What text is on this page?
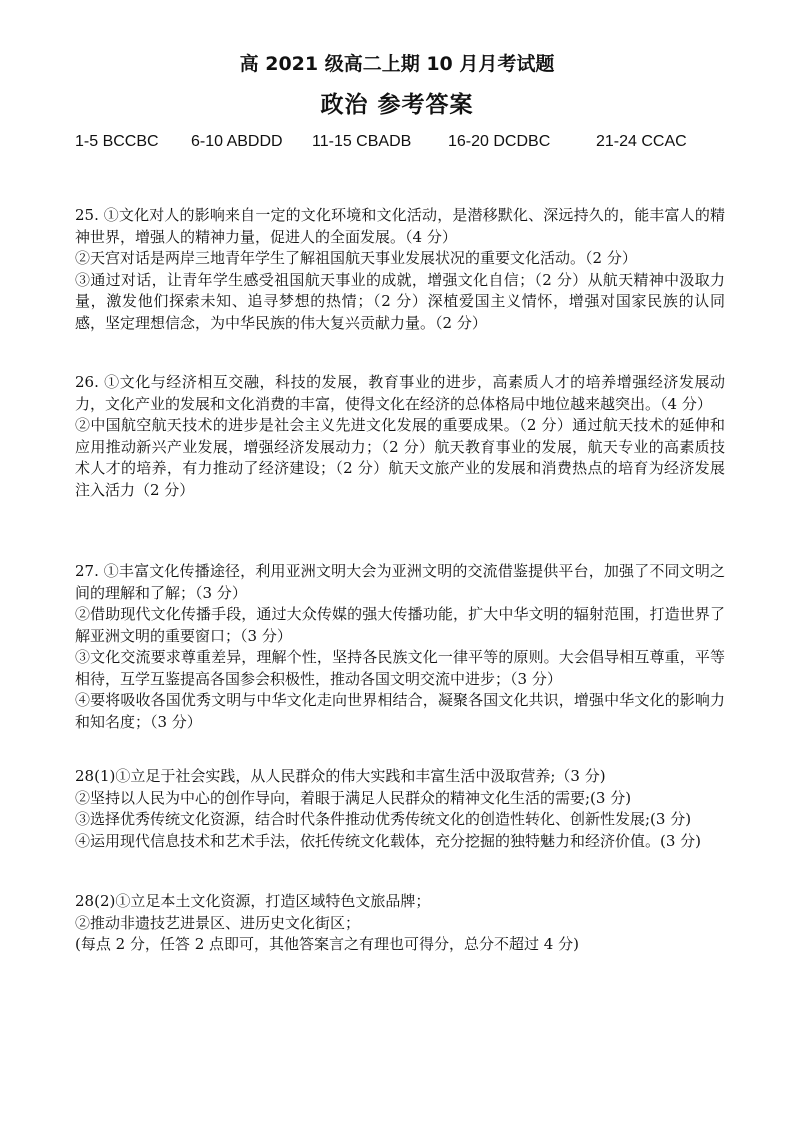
高 2021 级高二上期 10 月月考试题
政治 参考答案
1-5 BCCBC 6-10 ABDDD 11-15 CBADB 16-20 DCDBC	21-24 CCAC

25. ①文化对人的影响来自一定的文化环境和文化活动，是潜移默化、深远持久的，能丰富人的精神世界，增强人的精神力量，促进人的全面发展。（4 分）

②天宫对话是两岸三地青年学生了解祖国航天事业发展状况的重要文化活动。（2 分）

③通过对话，让青年学生感受祖国航天事业的成就，增强文化自信；（2 分）从航天精神中汲取力量，激发他们探索未知、追寻梦想的热情；（2 分）深植爱国主义情怀，增强对国家民族的认同感，坚定理想信念，为中华民族的伟大复兴贡献力量。（2 分）

26. ①文化与经济相互交融，科技的发展，教育事业的进步，高素质人才的培养增强经济发展动力，文化产业的发展和文化消费的丰富，使得文化在经济的总体格局中地位越来越突出。（4 分）

②中国航空航天技术的进步是社会主义先进文化发展的重要成果。（2 分）通过航天技术的延伸和应用推动新兴产业发展，增强经济发展动力；（2 分）航天教育事业的发展，航天专业的高素质技术人才的培养，有力推动了经济建设；（2 分）航天文旅产业的发展和消费热点的培育为经济发展注入活力（2 分）

27. ①丰富文化传播途径，利用亚洲文明大会为亚洲文明的交流借鉴提供平台，加强了不同文明之间的理解和了解；（3 分）

②借助现代文化传播手段，通过大众传媒的强大传播功能，扩大中华文明的辐射范围，打造世界了解亚洲文明的重要窗口；（3 分）

③文化交流要求尊重差异，理解个性，坚持各民族文化一律平等的原则。大会倡导相互尊重，平等相待，互学互鉴提高各国参会积极性，推动各国文明交流中进步；（3 分）

④要将吸收各国优秀文明与中华文化走向世界相结合，凝聚各国文化共识，增强中华文化的影响力和知名度；（3 分）

28(1)①立足于社会实践，从人民群众的伟大实践和丰富生活中汲取营养;（3 分)

②坚持以人民为中心的创作导向，着眼于满足人民群众的精神文化生活的需要;(3 分)

③选择优秀传统文化资源，结合时代条件推动优秀传统文化的创造性转化、创新性发展;(3 分)

④运用现代信息技术和艺术手法，依托传统文化载体，充分挖掘的独特魅力和经济价值。(3 分)

28(2)①立足本土文化资源，打造区域特色文旅品牌；

②推动非遗技艺进景区、进历史文化街区；

(每点 2 分，任答 2 点即可，其他答案言之有理也可得分，总分不超过 4 分)
